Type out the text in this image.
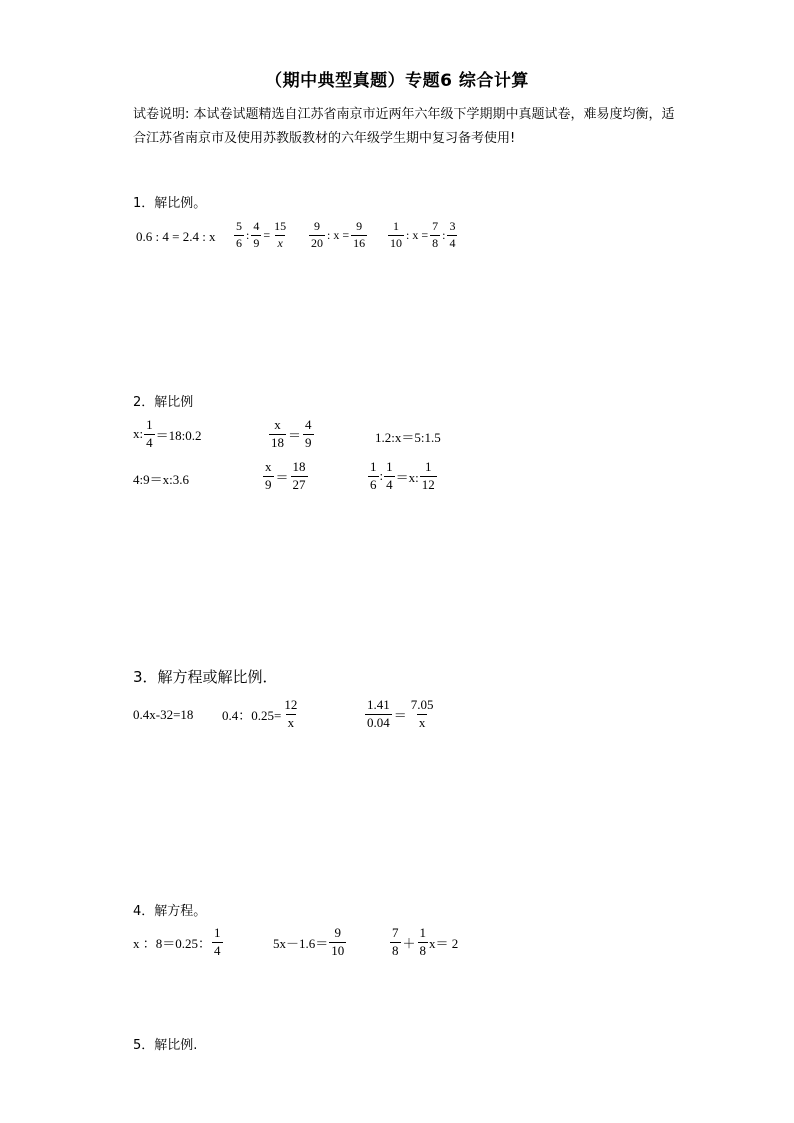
（期中典型真题）专题6 综合计算
试卷说明: 本试卷试题精选自江苏省南京市近两年六年级下学期期中真题试卷，难易度均衡，适合江苏省南京市及使用苏教版教材的六年级学生期中复习备考使用!
1．解比例。
0.6 : 4 = 2.4 : x $\frac{5}{6}$ : $\frac{4}{9} = \frac{15}{x} \frac{9}{20}$ : $x = \frac{9}{16} \frac{1}{10}$ : $x = \frac{7}{8}$ : $\frac{3}{4}$
2．解比例
x: $\frac{1}{4}$ ＝18:0.2	$\frac{x}{18} = \frac{4}{9}$	1.2:x＝5:1.5
4:9＝x:3.6	$\frac{x}{9} = \frac{18}{27}$	$\frac{1}{6}$ : $\frac{1}{4} =x$: $\frac{1}{12}$
3．解方程或解比例．
0.4x-32=18 0.4：$0.25= \frac{12}{x}$	$\frac{1.41}{0.04} = \frac{7.05}{x}$
4．解方程。
x ：8＝0.25： $\frac{1}{4}$	$5x-1.6= \frac{9}{10}$	$\frac{7}{8} + \frac{1}{8} x= 2$
5．解比例.
